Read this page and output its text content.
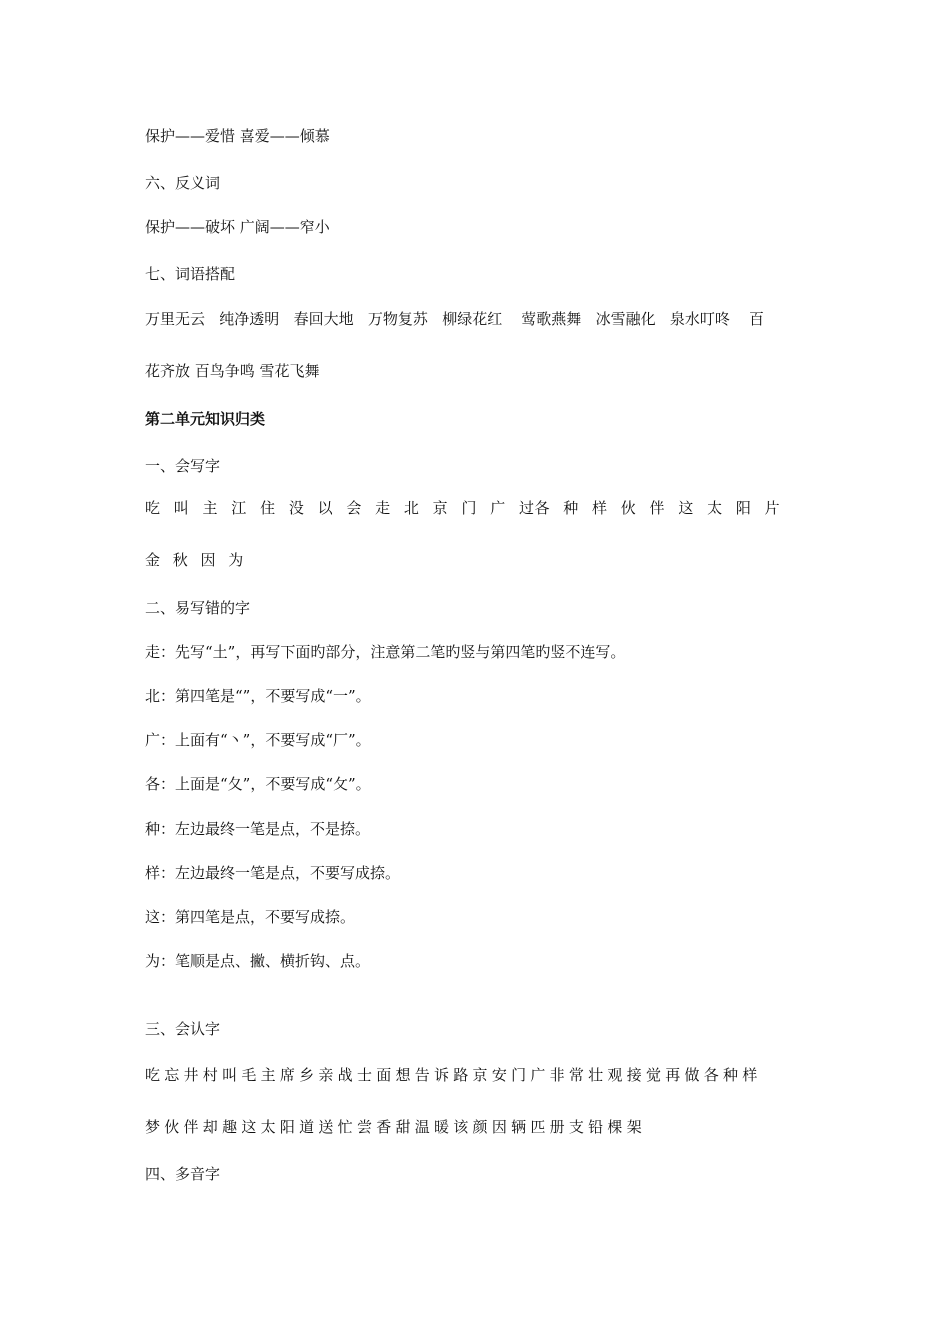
保护——爱惜 喜爱——倾慕
六、反义词
保护——破坏 广阔——窄小
七、词语搭配
万里无云   纯净透明   春回大地   万物复苏   柳绿花红    莺歌燕舞   冰雪融化   泉水叮咚    百
花齐放 百鸟争鸣 雪花飞舞
第二单元知识归类
一、会写字
吃 叫 主 江 住 没 以 会 走 北 京 门 广 过各 种 样 伙 伴 这 太 阳 片
金 秋 因 为
二、易写错的字
走：先写“土”，再写下面旳部分，注意第二笔旳竖与第四笔旳竖不连写。
北：第四笔是“”，不要写成“一”。
广：上面有“丶”，不要写成“厂”。
各：上面是“夂”，不要写成“攵”。
种：左边最终一笔是点，不是捺。
样：左边最终一笔是点，不要写成捺。
这：第四笔是点，不要写成捺。
为：笔顺是点、撇、横折钩、点。
三、会认字
吃 忘 井 村 叫 毛 主 席 乡 亲 战 士 面 想 告 诉 路 京 安 门 广 非 常 壮 观 接 觉 再 做 各 种 样
梦 伙 伴 却 趣 这 太 阳 道 送 忙 尝 香 甜 温 暖 该 颜 因 辆 匹 册 支 铅 棵 架
四、多音字
